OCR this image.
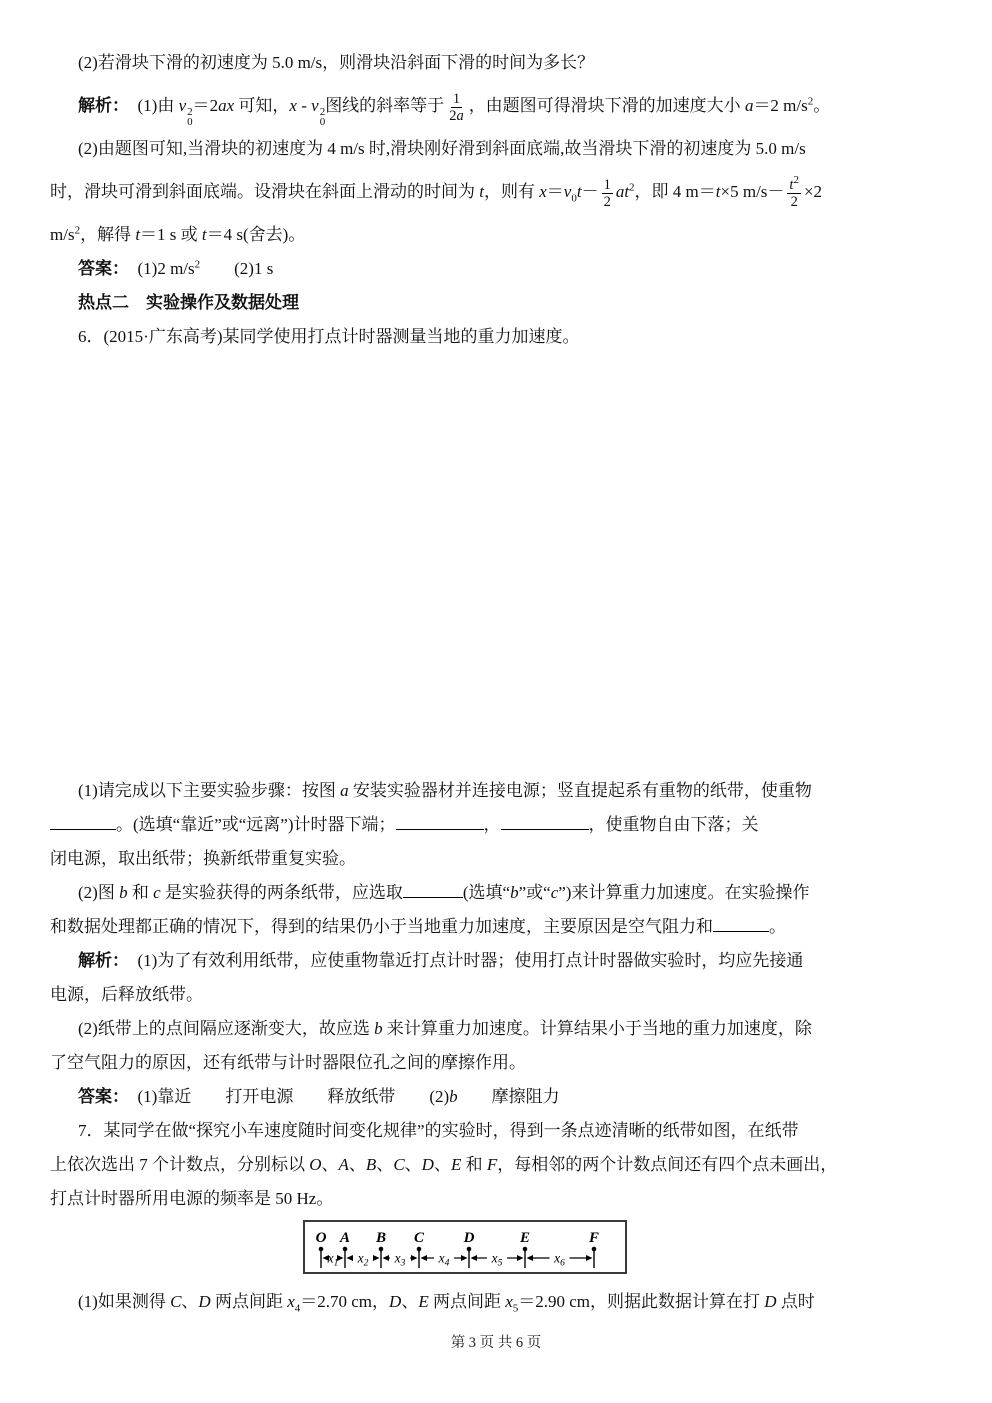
(2)若滑块下滑的初速度为 5.0 m/s，则滑块沿斜面下滑的时间为多长？
解析：　(1)由 v 2
0
＝2ax 可知，x - v 2
0
图线的斜率等于 $\frac{1}{2a}$ ，由题图可得滑块下滑的加速度大小 a＝2 $m/s^2$。
(2)由题图可知,当滑块的初速度为 4 m/s 时,滑块刚好滑到斜面底端,故当滑块下滑的初速度为 5.0 m/s
时，滑块可滑到斜面底端。设滑块在斜面上滑动的时间为 t，则有 $x=v_0t- \frac{1}{2} at^2$，即 4 m＝t×5 $m/s- \frac{t^2}{2} \times 2$
$m/s^2$，解得 t＝1 s 或 t＝4 s(舍去)。
答案：　(1)2 $m/s^2$　　(2)1 s
热点二　实验操作及数据处理
6．(2015·广东高考)某同学使用打点计时器测量当地的重力加速度。
(1)请完成以下主要实验步骤：按图 a 安装实验器材并连接电源；竖直提起系有重物的纸带，使重物
。(选填“靠近”或“远离”)计时器下端；	，	，使重物自由下落；关
闭电源，取出纸带；换新纸带重复实验。
(2)图 b 和 c 是实验获得的两条纸带，应选取	(选填“b”或“c”)来计算重力加速度。在实验操作
和数据处理都正确的情况下，得到的结果仍小于当地重力加速度，主要原因是空气阻力和	。
解析：　(1)为了有效利用纸带，应使重物靠近打点计时器；使用打点计时器做实验时，均应先接通
电源，后释放纸带。
(2)纸带上的点间隔应逐渐变大，故应选 b 来计算重力加速度。计算结果小于当地的重力加速度，除
了空气阻力的原因，还有纸带与计时器限位孔之间的摩擦作用。
答案：　(1)靠近　　打开电源　　释放纸带　　(2)b　　摩擦阻力
7．某同学在做“探究小车速度随时间变化规律”的实验时，得到一条点迹清晰的纸带如图，在纸带
上依次选出 7 个计数点，分别标以 O、A、B、C、D、E 和 F，每相邻的两个计数点间还有四个点未画出，
打点计时器所用电源的频率是 50 Hz。
O A B C	D	E	F
$x_1$ $x_2$ $x_3$ $x_4$	$x_5$	$x_6$
(1)如果测得 C、D 两点间距 $x_4=2.70$ cm，D、E 两点间距 $x_5=2.90$ cm，则据此数据计算在打 D 点时
第 3 页 共 6 页
